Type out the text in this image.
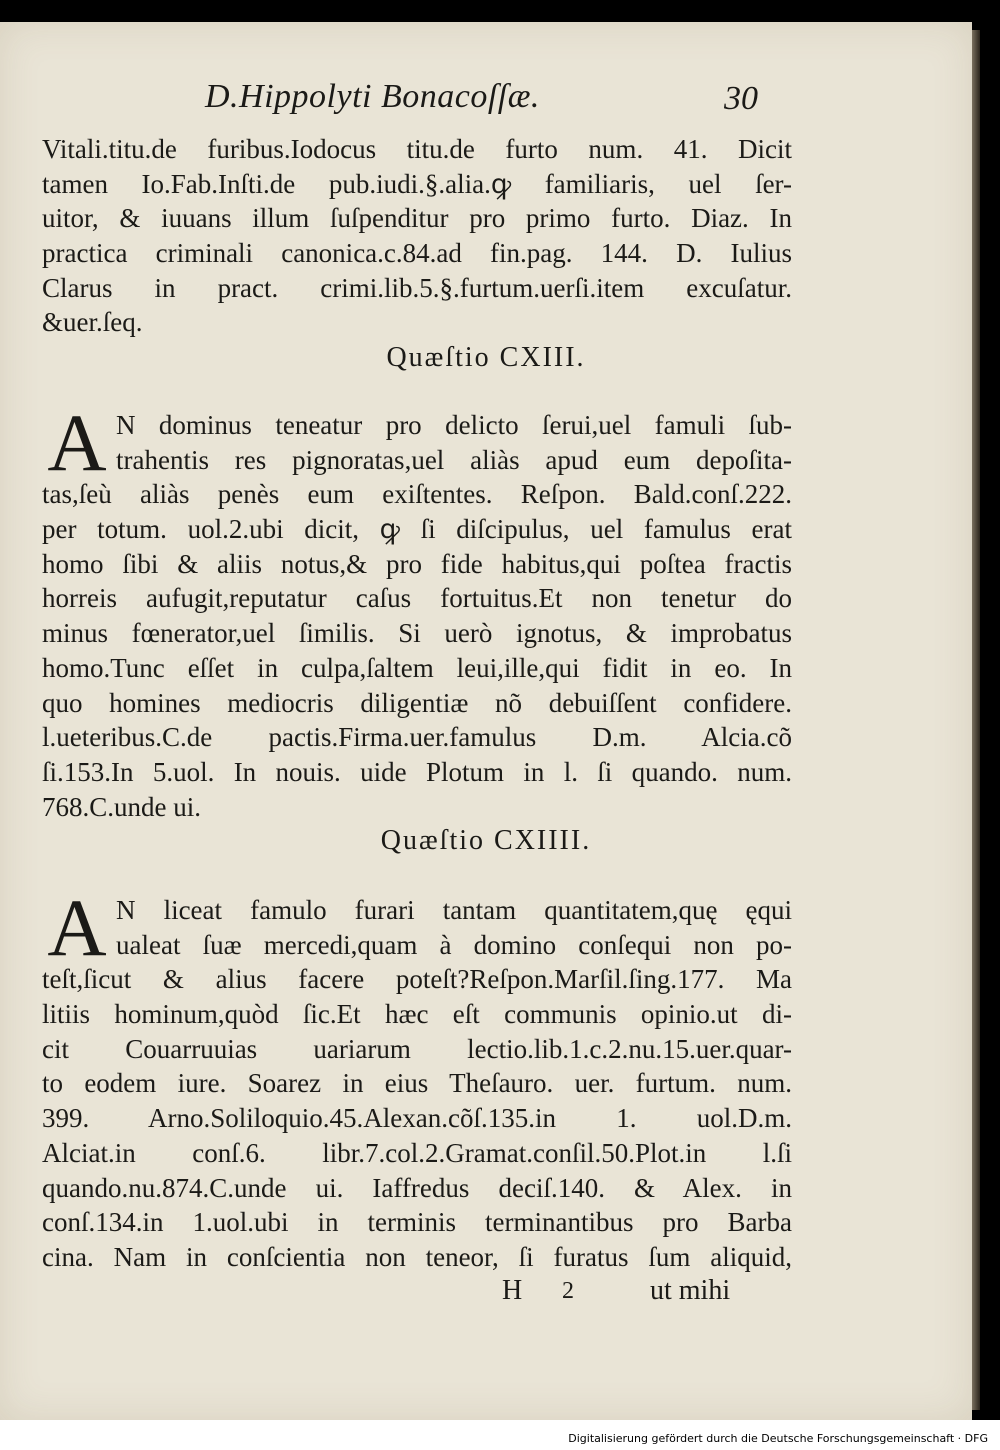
D.Hippolyti Bonacoſſæ.	30
Vitali.titu.de furibus.Iodocus titu.de furto num. 41. Dicit
tamen Io.Fab.Inſti.de pub.iudi.§.alia.ꝙ familiaris, uel ſer-
uitor, & iuuans illum ſuſpenditur pro primo furto. Diaz. In
practica criminali canonica.c.84.ad fin.pag. 144. D. Iulius
Clarus in pract. crimi.lib.5.§.furtum.uerſi.item excuſatur.
&uer.ſeq.
Quæſtio CXIII.
A N dominus teneatur pro delicto ſerui,uel famuli ſub-
trahentis res pignoratas,uel aliàs apud eum depoſita-
tas,ſeù aliàs penès eum exiſtentes. Reſpon. Bald.conſ.222.
per totum. uol.2.ubi dicit, ꝙ ſi diſcipulus, uel famulus erat
homo ſibi & aliis notus,& pro fide habitus,qui poſtea fractis
horreis aufugit,reputatur caſus fortuitus.Et non tenetur do
minus fœnerator,uel ſimilis. Si uerò ignotus, & improbatus
homo.Tunc eſſet in culpa,ſaltem leui,ille,qui fidit in eo. In
quo homines mediocris diligentiæ nõ debuiſſent confidere.
l.ueteribus.C.de pactis.Firma.uer.famulus D.m. Alcia.cõ
ſi.153.In 5.uol. In nouis. uide Plotum in l. ſi quando. num.
768.C.unde ui.
Quæſtio CXIIII.
A N liceat famulo furari tantam quantitatem,quę ęqui
ualeat ſuæ mercedi,quam à domino conſequi non po-
teſt,ſicut & alius facere poteſt?Reſpon.Marſil.ſing.177. Ma
litiis hominum,quòd ſic.Et hæc eſt communis opinio.ut di-
cit Couarruuias uariarum lectio.lib.1.c.2.nu.15.uer.quar-
to eodem iure. Soarez in eius Theſauro. uer. furtum. num.
399. Arno.Soliloquio.45.Alexan.cõſ.135.in 1. uol.D.m.
Alciat.in conſ.6. libr.7.col.2.Gramat.conſil.50.Plot.in l.ſi
quando.nu.874.C.unde ui. Iaffredus deciſ.140. & Alex. in
conſ.134.in 1.uol.ubi in terminis terminantibus pro Barba
cina. Nam in conſcientia non teneor, ſi furatus ſum aliquid,
H 2	ut mihi
Digitalisierung gefördert durch die Deutsche Forschungsgemeinschaft · DFG
